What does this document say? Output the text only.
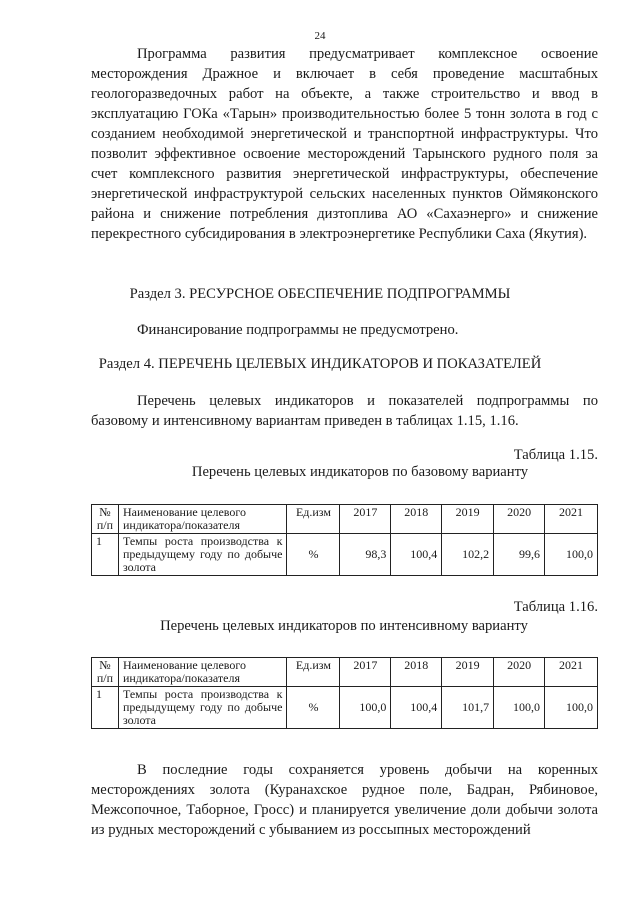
24

Программа развития предусматривает комплексное освоение месторождения Дражное и включает в себя проведение масштабных геологоразведочных работ на объекте, а также строительство и ввод в эксплуатацию ГОКа «Тарын» производительностью более 5 тонн золота в год с созданием необходимой энергетической и транспортной инфраструктуры. Что позволит эффективное освоение месторождений Тарынского рудного поля за счет комплексного развития энергетической инфраструктуры, обеспечение энергетической инфраструктурой сельских населенных пунктов Оймяконского района и снижение потребления дизтоплива АО «Сахаэнерго» и снижение перекрестного субсидирования в электроэнергетике Республики Саха (Якутия).

Раздел 3. РЕСУРСНОЕ ОБЕСПЕЧЕНИЕ ПОДПРОГРАММЫ

Финансирование подпрограммы не предусмотрено.

Раздел 4. ПЕРЕЧЕНЬ ЦЕЛЕВЫХ ИНДИКАТОРОВ И ПОКАЗАТЕЛЕЙ

Перечень целевых индикаторов и показателей подпрограммы по базовому и интенсивному вариантам приведен в таблицах 1.15, 1.16.

Таблица 1.15.

Перечень целевых индикаторов по базовому варианту

№ п/п	Наименование целевого индикатора/показателя	Ед.изм	2017	2018	2019	2020	2021
1	Темпы роста производства к предыдущему году по добыче золота	%	98,3	100,4	102,2	99,6	100,0

Таблица 1.16.

Перечень целевых индикаторов по интенсивному варианту

№ п/п	Наименование целевого индикатора/показателя	Ед.изм	2017	2018	2019	2020	2021
1	Темпы роста производства к предыдущему году по добыче золота	%	100,0	100,4	101,7	100,0	100,0

В последние годы сохраняется уровень добычи на коренных месторождениях золота (Куранахское рудное поле, Бадран, Рябиновое, Межсопочное, Таборное, Гросс) и планируется увеличение доли добычи золота из рудных месторождений с убыванием из россыпных месторождений
